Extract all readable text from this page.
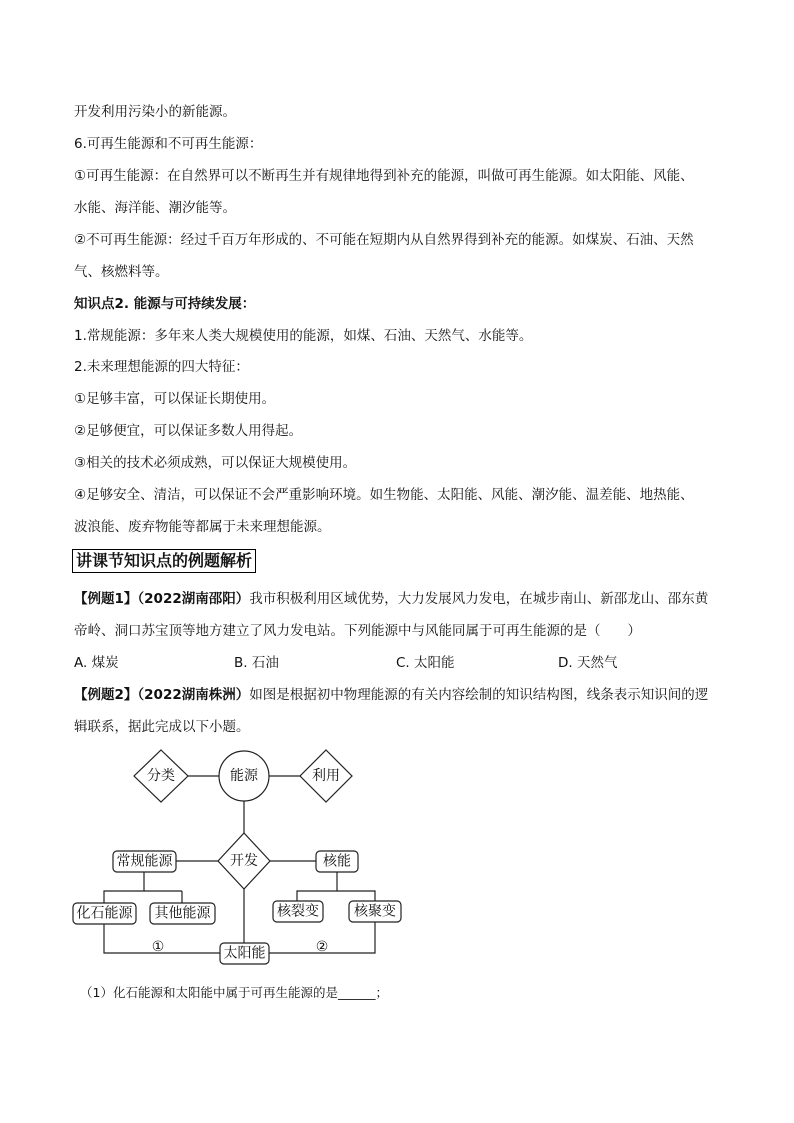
开发利用污染小的新能源。
6.可再生能源和不可再生能源：
①可再生能源：在自然界可以不断再生并有规律地得到补充的能源，叫做可再生能源。如太阳能、风能、
水能、海洋能、潮汐能等。
②不可再生能源：经过千百万年形成的、不可能在短期内从自然界得到补充的能源。如煤炭、石油、天然
气、核燃料等。
知识点2. 能源与可持续发展：
1.常规能源：多年来人类大规模使用的能源，如煤、石油、天然气、水能等。
2.未来理想能源的四大特征：
①足够丰富，可以保证长期使用。
②足够便宜，可以保证多数人用得起。
③相关的技术必须成熟，可以保证大规模使用。
④足够安全、清洁，可以保证不会严重影响环境。如生物能、太阳能、风能、潮汐能、温差能、地热能、
波浪能、废弃物能等都属于未来理想能源。
讲课节知识点的例题解析
【例题1】（2022湖南邵阳）我市积极利用区域优势，大力发展风力发电，在城步南山、新邵龙山、邵东黄
帝岭、洞口苏宝顶等地方建立了风力发电站。下列能源中与风能同属于可再生能源的是（　　）
A. 煤炭	B. 石油	C. 太阳能	D. 天然气
【例题2】（2022湖南株洲）如图是根据初中物理能源的有关内容绘制的知识结构图，线条表示知识间的逻
辑联系，据此完成以下小题。
分类	能源	利用
开发
常规能源	核能
化石能源 其他能源	核裂变	核聚变
太阳能
①	②
（1）化石能源和太阳能中属于可再生能源的是______；
